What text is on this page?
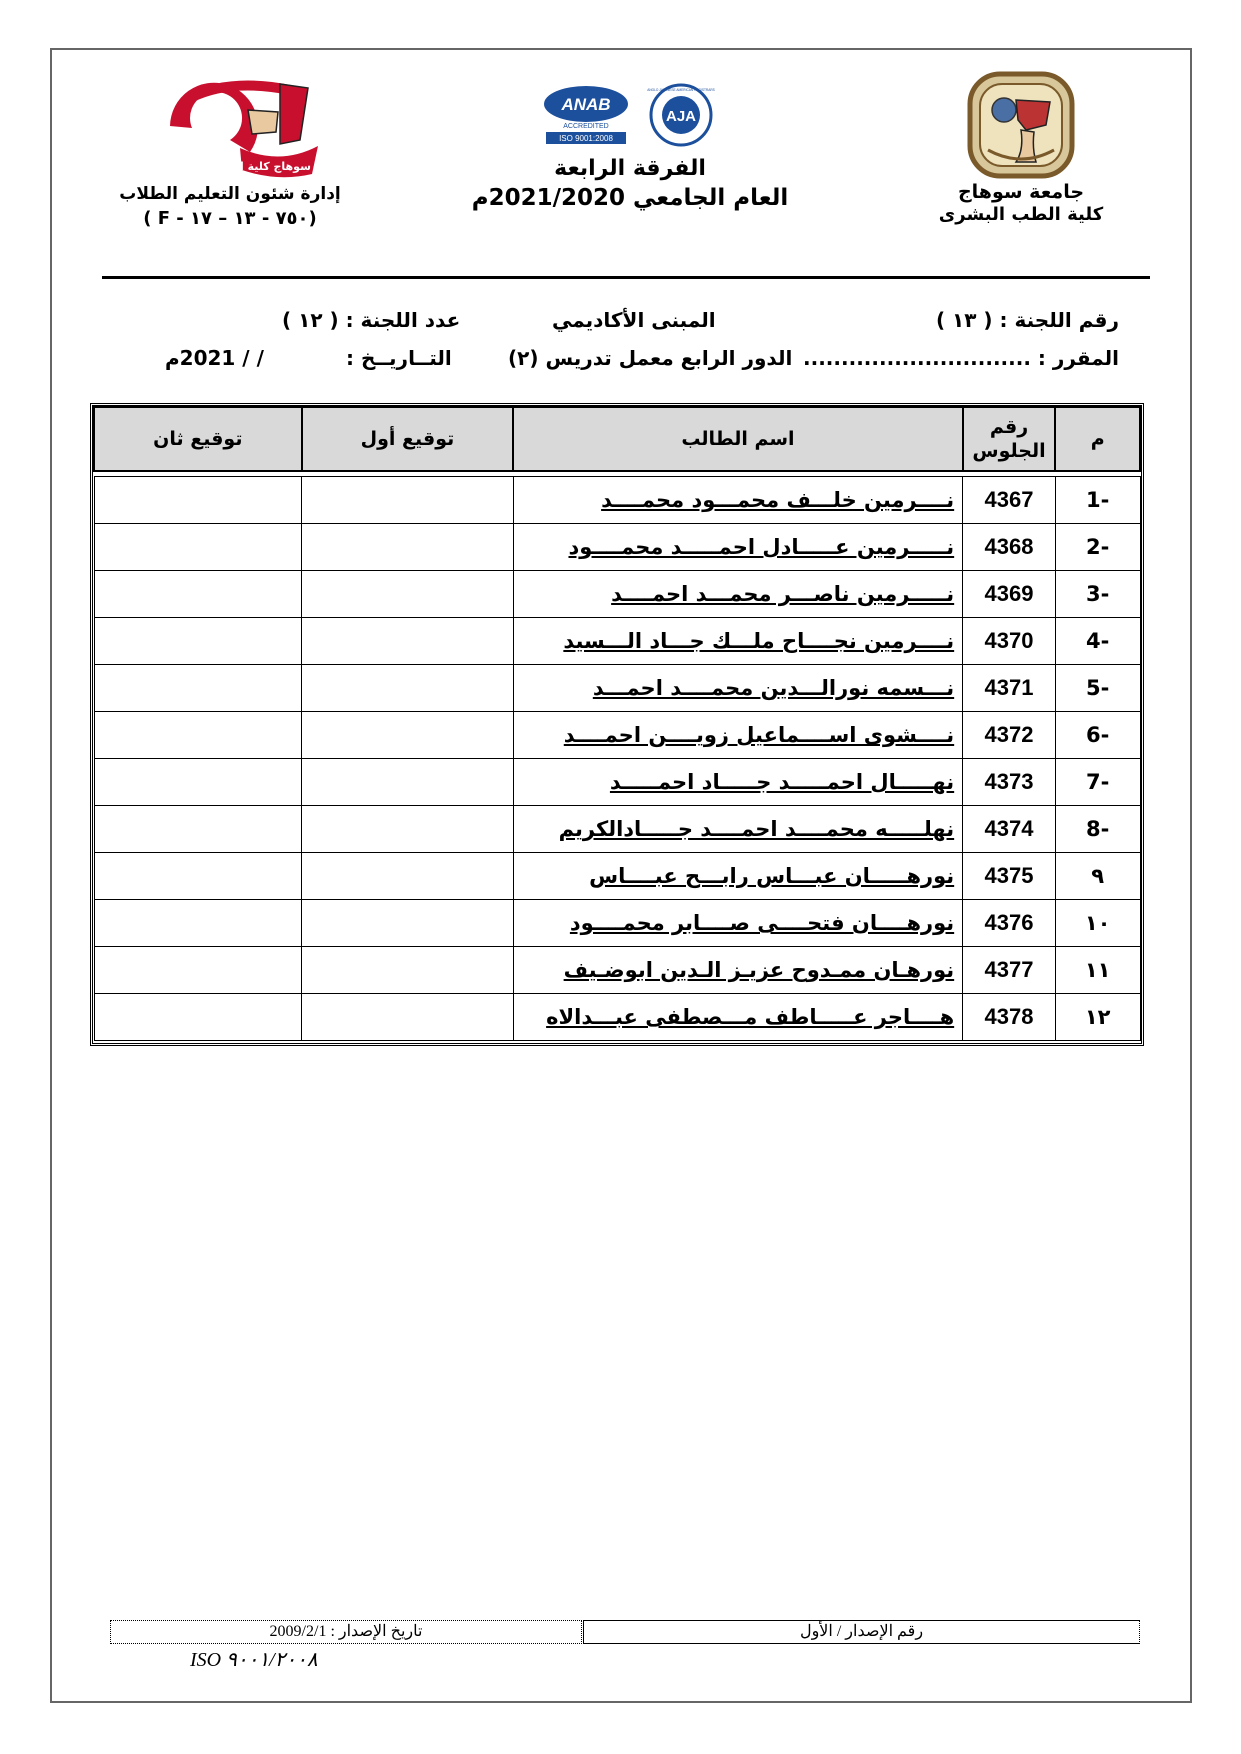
جامعة سوهاج
كلية الطب البشرى
ANAB
ACCREDITED
ISO 9001:2008
AJA
ANGLO JAPANESE AMERICAN REGISTRARS
الفرقة الرابعة
العام الجامعي 2021/2020م
جامعة سوهاج كلية الطب
إدارة شئون التعليم الطلاب
( F - ٧٥٠ - ١٣ – ١٧)
رقم اللجنة : ( ١٣ )
المبنى الأكاديمي
عدد اللجنة : ( ١٢ )
المقرر : ..............................
الدور الرابع معمل تدريس (٢)
التــاريــخ :
/ / 2021م
م	رقم الجلوس	اسم الطالب	توقيع أول	توقيع ثان

-1	4367	نــــرمين خلـــف محمـــود محمــــد		
-2	4368	نـــــرمين عـــــادل احمـــــد محمــــود		
-3	4369	نـــــرمين ناصـــر محمـــد احمــــد		
-4	4370	نــــرمين نجــــاح ملـــك جـــاد الـــسيد		
-5	4371	نـــسمه نورالـــدين محمــــد احمـــد		
-6	4372	نــــشوى اســــماعيل زويــــن احمــــد		
-7	4373	نهـــــال احمـــــد جـــــاد احمـــــد		
-8	4374	نهلـــــه محمــــد احمــــد جـــــادالكريم		
٩	4375	نورهـــــان عبـــاس رابـــح عبــــاس		
١٠	4376	نورهــــان فتحــــى صــــابر محمــــود		
١١	4377	نورهـان ممـدوح عزيـز الـدين ابوضـيف		
١٢	4378	هــــاجر عـــــاطف مـــصطفى عبـــدالاه		
تاريخ الإصدار : 2009/2/1	رقم الإصدار / الأول
ISO ٩٠٠١/٢٠٠٨
